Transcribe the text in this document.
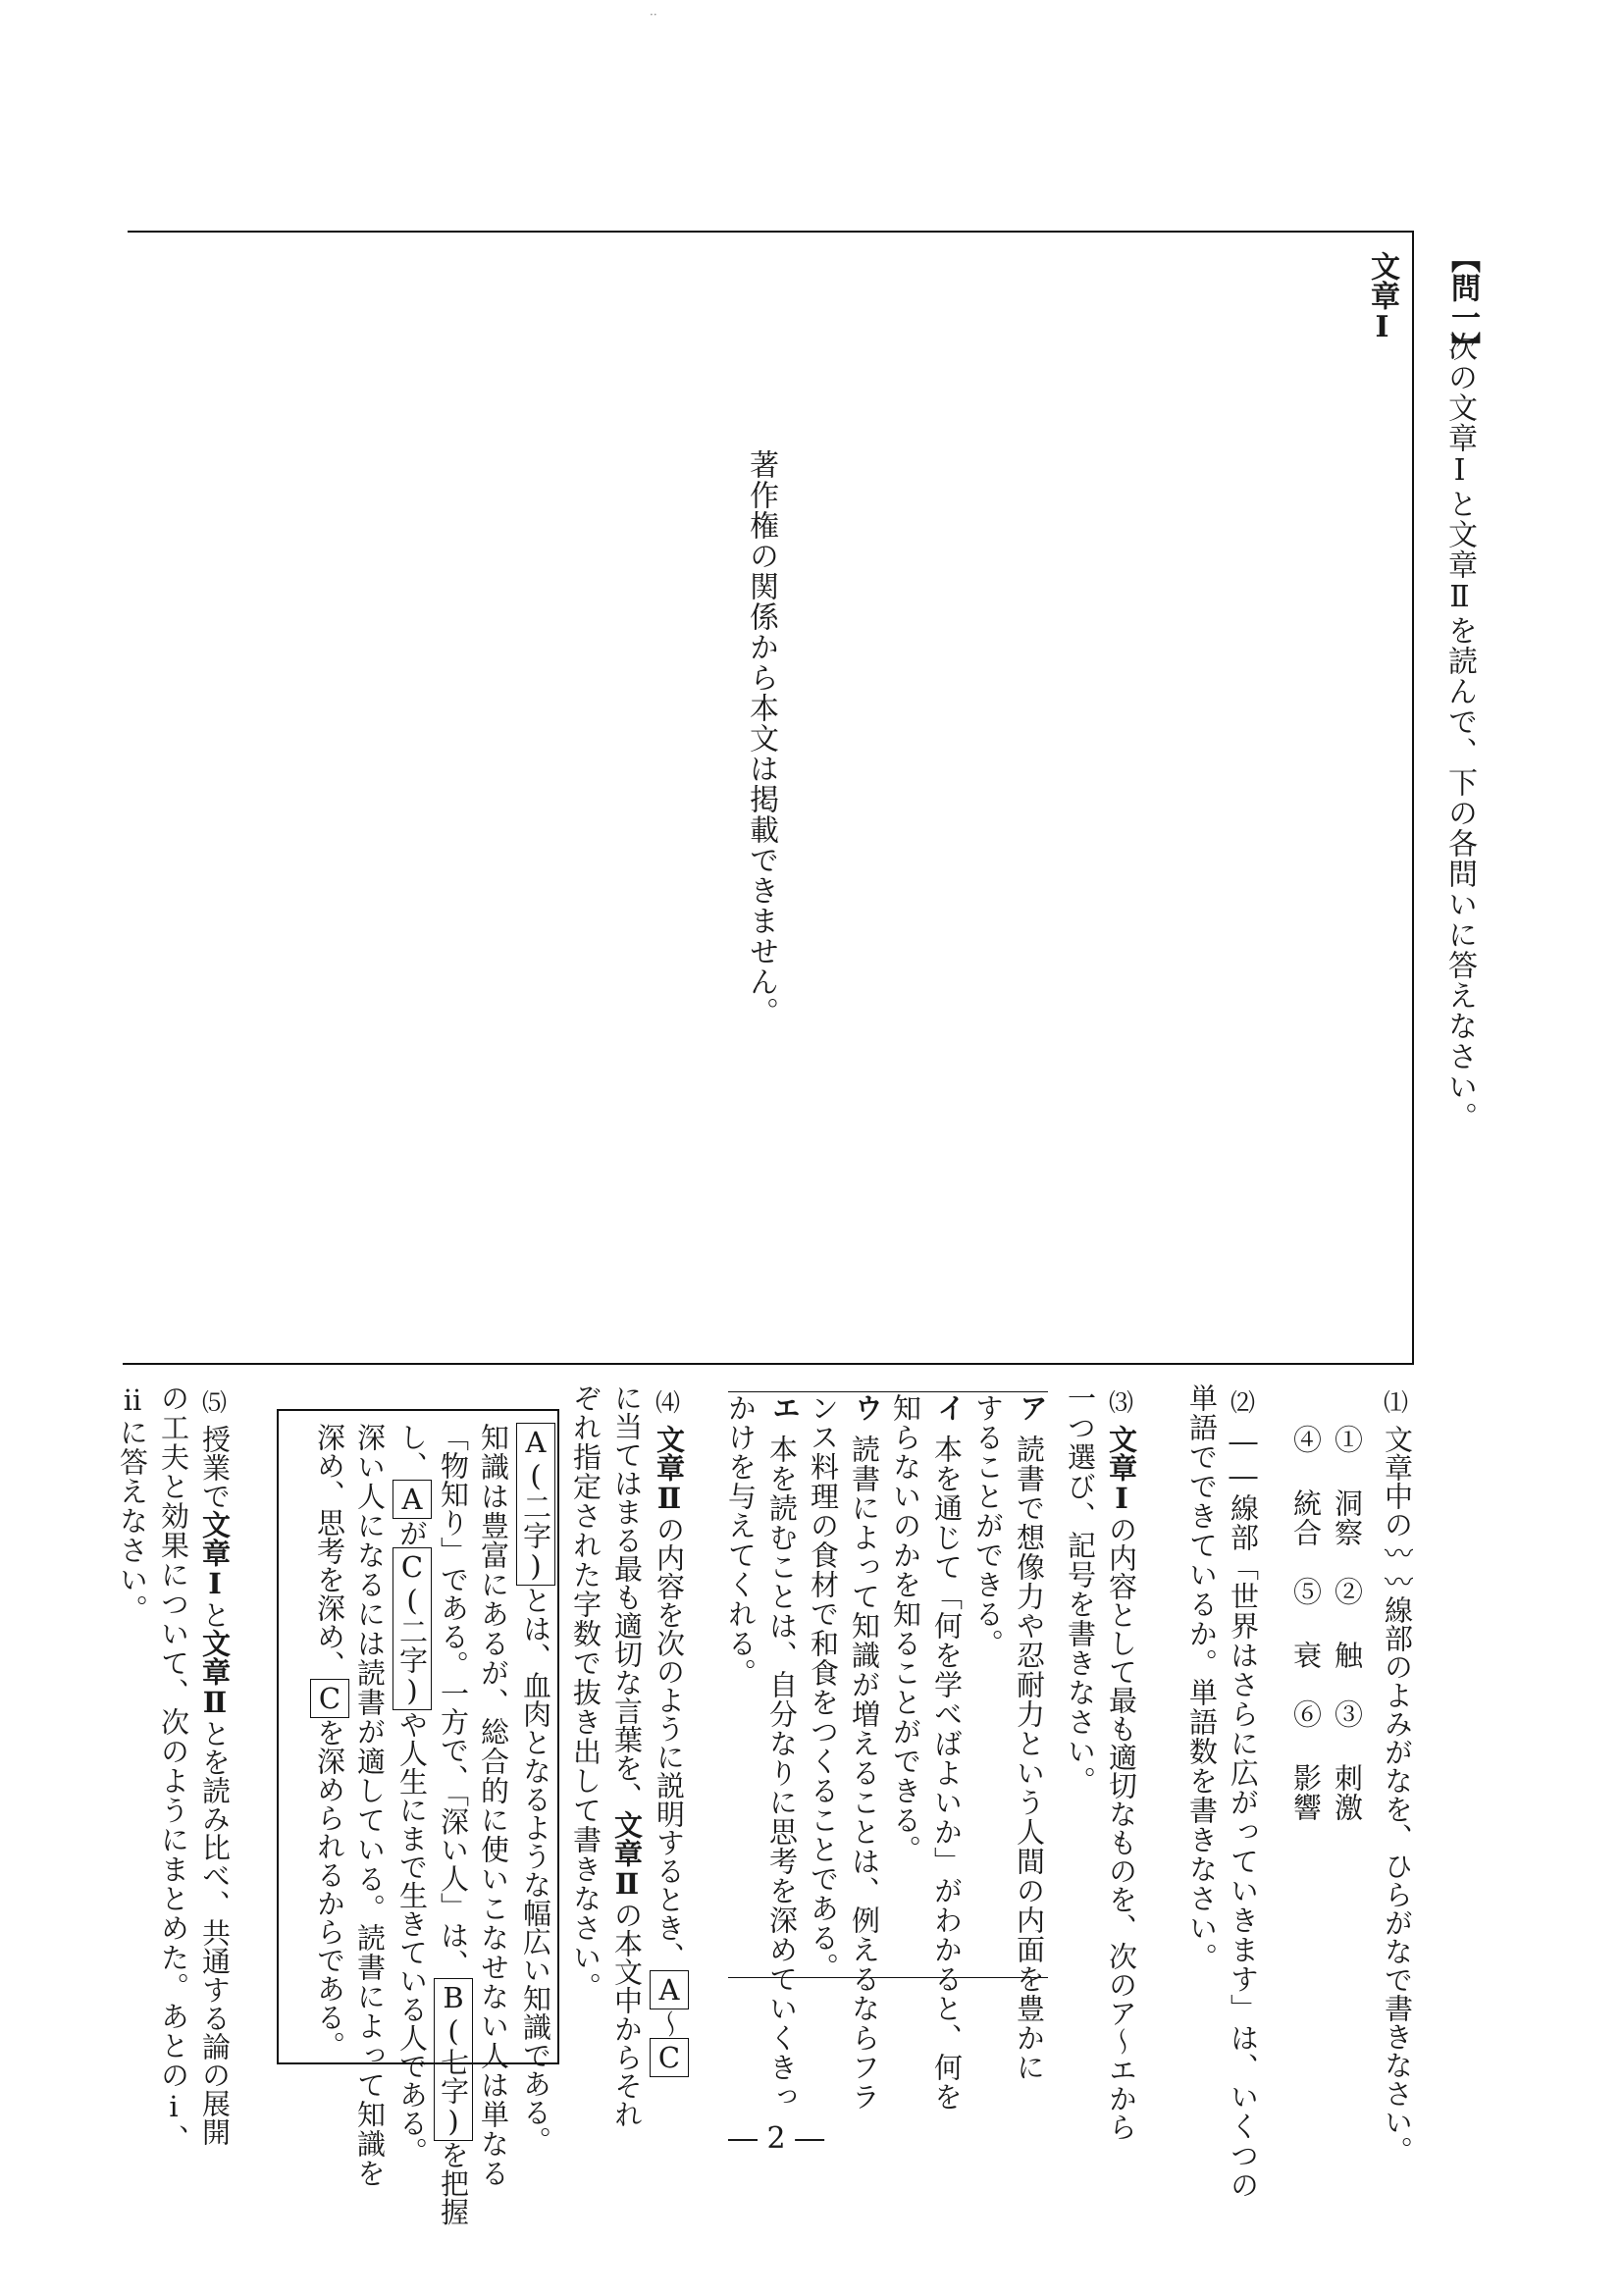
··
【問一】
次の文章Ⅰと文章Ⅱを読んで、下の各問いに答えなさい。
文章Ⅰ
著作権の関係から本文は掲載できません。
⑴
文章中の〰〰線部のよみがなを、ひらがなで書きなさい。
① 洞察　② 触　③ 刺激
④ 統合　⑤ 衰　⑥ 影響
⑵
――線部「世界はさらに広がっていきます」は、いくつの
単語でできているか。単語数を書きなさい。
⑶
文章Ⅰの内容として最も適切なものを、次のア〜エから
一つ選び、記号を書きなさい。
ア
読書で想像力や忍耐力という人間の内面を豊かに
することができる。
イ
本を通じて「何を学べばよいか」がわかると、何を
知らないのかを知ることができる。
ウ
読書によって知識が増えることは、例えるならフラ
ンス料理の食材で和食をつくることである。
エ
本を読むことは、自分なりに思考を深めていくきっ
かけを与えてくれる。
⑷
文章Ⅱの内容を次のように説明するとき、A〜C
に当てはまる最も適切な言葉を、文章Ⅱの本文中からそれ
ぞれ指定された字数で抜き出して書きなさい。
A(二字)とは、血肉となるような幅広い知識である。
知識は豊富にあるが、総合的に使いこなせない人は単なる
「物知り」である。一方で、「深い人」は、B(七字)を把握
し、AがC(二字)や人生にまで生きている人である。
深い人になるには読書が適している。読書によって知識を
深め、思考を深め、Cを深められるからである。
⑸
授業で文章Ⅰと文章Ⅱとを読み比べ、共通する論の展開
の工夫と効果について、次のようにまとめた。あとのⅰ、
ⅱに答えなさい。
― 2 ―
